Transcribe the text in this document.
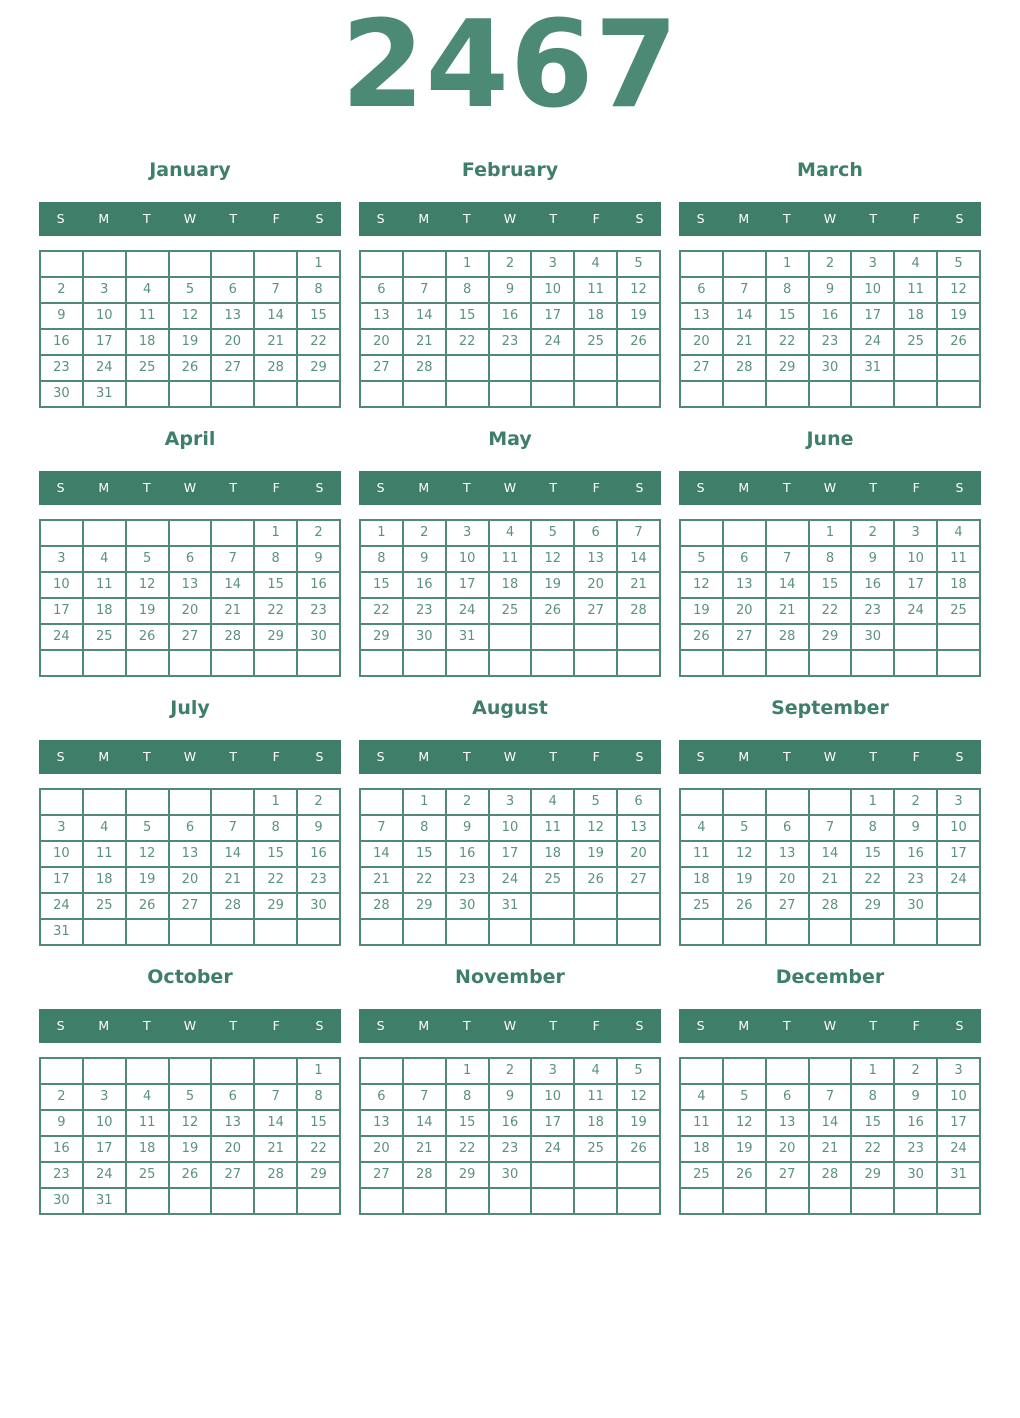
2467
January
S	M	T	W	T	F	S
						1
2	3	4	5	6	7	8
9	10	11	12	13	14	15
16	17	18	19	20	21	22
23	24	25	26	27	28	29
30	31					
February
S	M	T	W	T	F	S
		1	2	3	4	5
6	7	8	9	10	11	12
13	14	15	16	17	18	19
20	21	22	23	24	25	26
27	28					

March
S	M	T	W	T	F	S
		1	2	3	4	5
6	7	8	9	10	11	12
13	14	15	16	17	18	19
20	21	22	23	24	25	26
27	28	29	30	31		

April
S	M	T	W	T	F	S
					1	2
3	4	5	6	7	8	9
10	11	12	13	14	15	16
17	18	19	20	21	22	23
24	25	26	27	28	29	30

May
S	M	T	W	T	F	S
1	2	3	4	5	6	7
8	9	10	11	12	13	14
15	16	17	18	19	20	21
22	23	24	25	26	27	28
29	30	31				

June
S	M	T	W	T	F	S
			1	2	3	4
5	6	7	8	9	10	11
12	13	14	15	16	17	18
19	20	21	22	23	24	25
26	27	28	29	30		

July
S	M	T	W	T	F	S
					1	2
3	4	5	6	7	8	9
10	11	12	13	14	15	16
17	18	19	20	21	22	23
24	25	26	27	28	29	30
31						
August
S	M	T	W	T	F	S
	1	2	3	4	5	6
7	8	9	10	11	12	13
14	15	16	17	18	19	20
21	22	23	24	25	26	27
28	29	30	31			

September
S	M	T	W	T	F	S
				1	2	3
4	5	6	7	8	9	10
11	12	13	14	15	16	17
18	19	20	21	22	23	24
25	26	27	28	29	30	

October
S	M	T	W	T	F	S
						1
2	3	4	5	6	7	8
9	10	11	12	13	14	15
16	17	18	19	20	21	22
23	24	25	26	27	28	29
30	31					
November
S	M	T	W	T	F	S
		1	2	3	4	5
6	7	8	9	10	11	12
13	14	15	16	17	18	19
20	21	22	23	24	25	26
27	28	29	30			

December
S	M	T	W	T	F	S
				1	2	3
4	5	6	7	8	9	10
11	12	13	14	15	16	17
18	19	20	21	22	23	24
25	26	27	28	29	30	31
